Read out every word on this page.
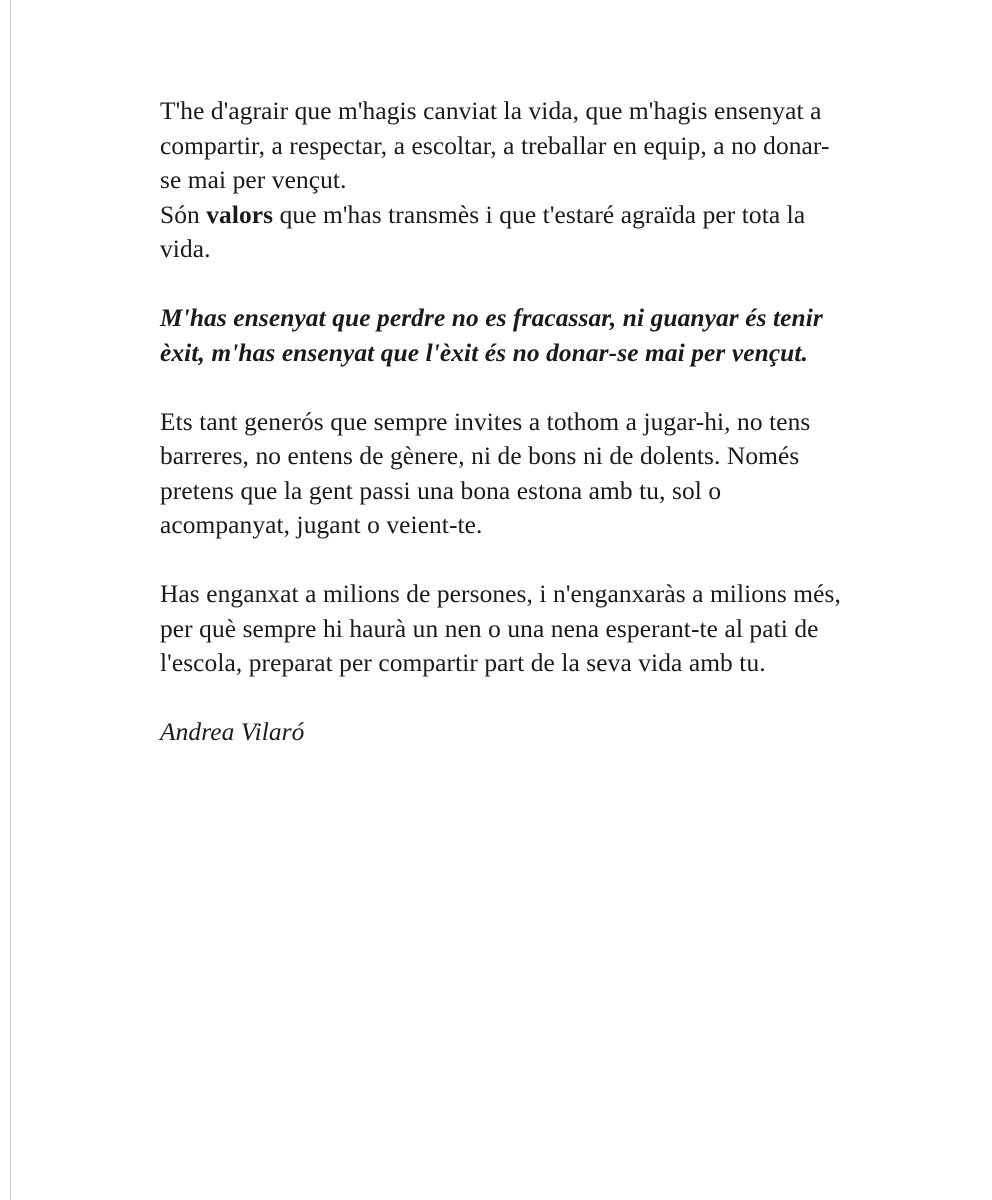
T'he d'agrair que m'hagis canviat la vida, que m'hagis ensenyat a
compartir, a respectar, a escoltar, a treballar en equip, a no donar-
se mai per vençut.

Són valors que m'has transmès i que t'estaré agraïda per tota la
vida.

M'has ensenyat que perdre no es fracassar, ni guanyar és tenir
èxit, m'has ensenyat que l'èxit és no donar-se mai per vençut.

Ets tant generós que sempre invites a tothom a jugar-hi, no tens
barreres, no entens de gènere, ni de bons ni de dolents. Només
pretens que la gent passi una bona estona amb tu, sol o
acompanyat, jugant o veient-te.

Has enganxat a milions de persones, i n'enganxaràs a milions més,
per què sempre hi haurà un nen o una nena esperant-te al pati de
l'escola, preparat per compartir part de la seva vida amb tu.

Andrea Vilaró
